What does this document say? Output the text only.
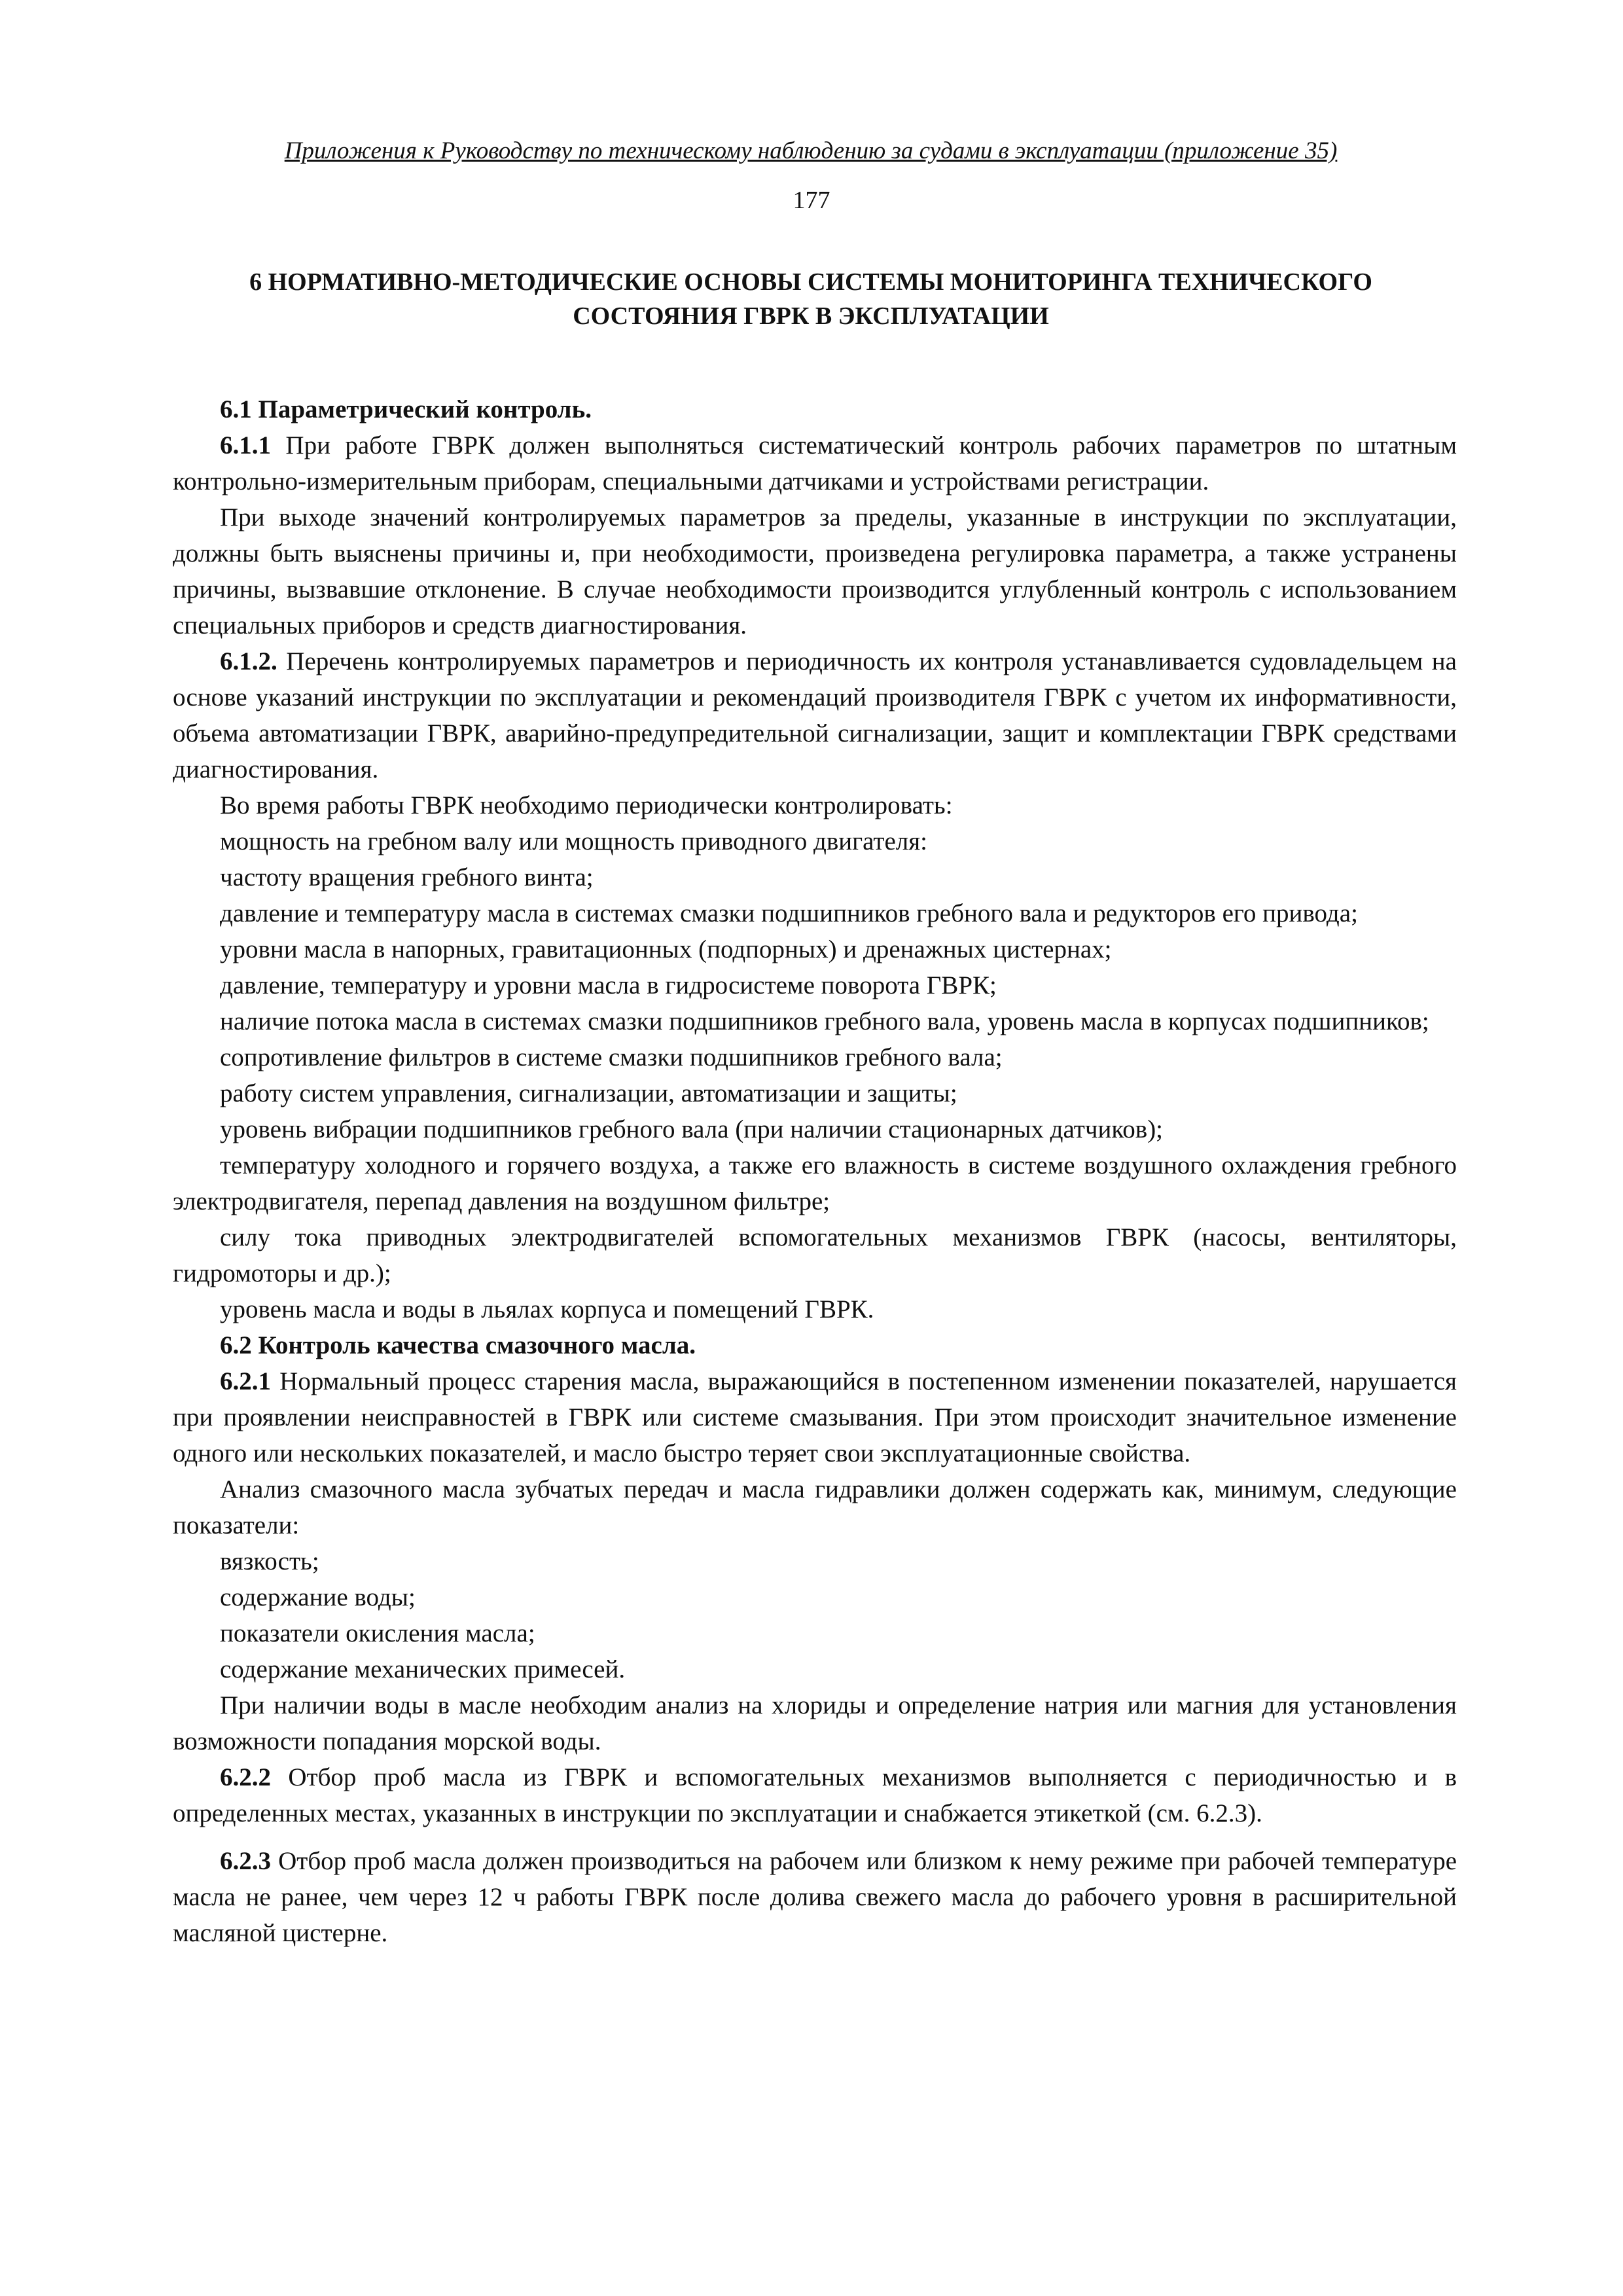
Приложения к Руководству по техническому наблюдению за судами в эксплуатации (приложение 35)
177
6 НОРМАТИВНО-МЕТОДИЧЕСКИЕ ОСНОВЫ СИСТЕМЫ МОНИТОРИНГА ТЕХНИЧЕСКОГО
СОСТОЯНИЯ ГВРК В ЭКСПЛУАТАЦИИ

6.1 Параметрический контроль.

6.1.1 При работе ГВРК должен выполняться систематический контроль рабочих параметров по штатным контрольно-измерительным приборам, специальными датчиками и устройствами регистрации.

При выходе значений контролируемых параметров за пределы, указанные в инструкции по эксплуатации, должны быть выяснены причины и, при необходимости, произведена регулировка параметра, а также устранены причины, вызвавшие отклонение. В случае необходимости производится углубленный контроль с использованием специальных приборов и средств диагностирования.

6.1.2. Перечень контролируемых параметров и периодичность их контроля устанавливается судовладельцем на основе указаний инструкции по эксплуатации и рекомендаций производителя ГВРК с учетом их информативности, объема автоматизации ГВРК, аварийно-предупредительной сигнализации, защит и комплектации ГВРК средствами диагностирования.

Во время работы ГВРК необходимо периодически контролировать:

мощность на гребном валу или мощность приводного двигателя:

частоту вращения гребного винта;

давление и температуру масла в системах смазки подшипников гребного вала и редукторов его привода;

уровни масла в напорных, гравитационных (подпорных) и дренажных цистернах;

давление, температуру и уровни масла в гидросистеме поворота ГВРК;

наличие потока масла в системах смазки подшипников гребного вала, уровень масла в корпусах подшипников;

сопротивление фильтров в системе смазки подшипников гребного вала;

работу систем управления, сигнализации, автоматизации и защиты;

уровень вибрации подшипников гребного вала (при наличии стационарных датчиков);

температуру холодного и горячего воздуха, а также его влажность в системе воздушного охлаждения гребного электродвигателя, перепад давления на воздушном фильтре;

силу тока приводных электродвигателей вспомогательных механизмов ГВРК (насосы, вентиляторы, гидромоторы и др.);

уровень масла и воды в льялах корпуса и помещений ГВРК.

6.2 Контроль качества смазочного масла.

6.2.1 Нормальный процесс старения масла, выражающийся в постепенном изменении показателей, нарушается при проявлении неисправностей в ГВРК или системе смазывания. При этом происходит значительное изменение одного или нескольких показателей, и масло быстро теряет свои эксплуатационные свойства.

Анализ смазочного масла зубчатых передач и масла гидравлики должен содержать как, минимум, следующие показатели:

вязкость;

содержание воды;

показатели окисления масла;

содержание механических примесей.

При наличии воды в масле необходим анализ на хлориды и определение натрия или магния для установления возможности попадания морской воды.

6.2.2 Отбор проб масла из ГВРК и вспомогательных механизмов выполняется с периодичностью и в определенных местах, указанных в инструкции по эксплуатации и снабжается этикеткой (см. 6.2.3).

6.2.3 Отбор проб масла должен производиться на рабочем или близком к нему режиме при рабочей температуре масла не ранее, чем через 12 ч работы ГВРК после долива свежего масла до рабочего уровня в расширительной масляной цистерне.
